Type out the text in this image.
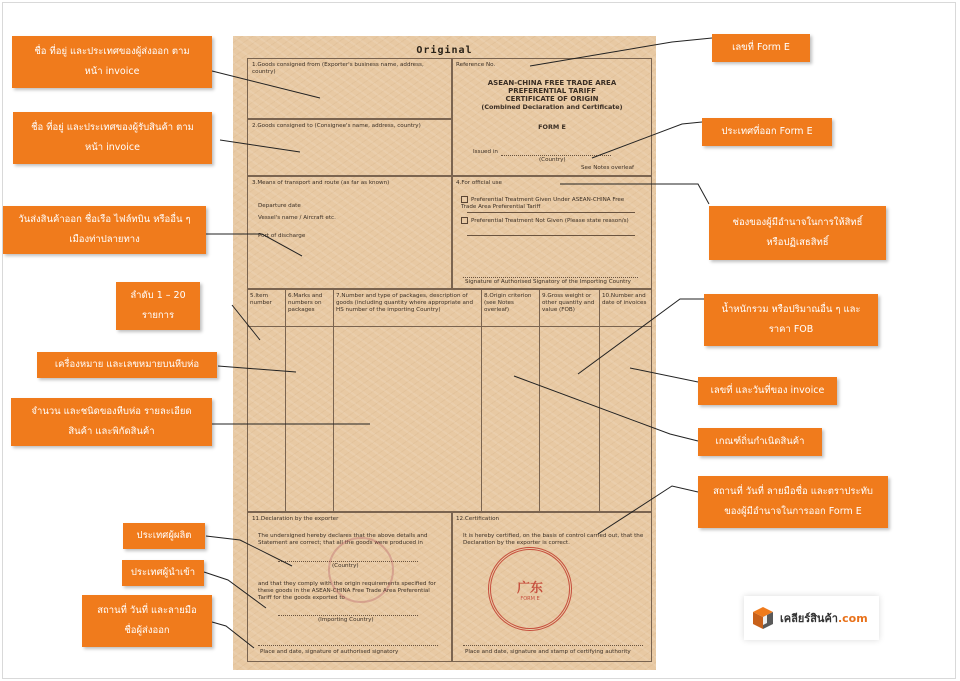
Original
1.Goods consigned from (Exporter's business name, address, country)
Reference No.
ASEAN-CHINA FREE TRADE AREA
PREFERENTIAL TARIFF
CERTIFICATE OF ORIGIN
(Combined Declaration and Certificate)
FORM E
Issued in
(Country)
See Notes overleaf
2.Goods consigned to (Consignee's name, address, country)
3.Means of transport and route (as far as known)
Departure date
Vessel's name / Aircraft etc.
Port of discharge
4.For official use
Preferential Treatment Given Under ASEAN-CHINA Free Trade Area Preferential Tariff
Preferential Treatment Not Given (Please state reason/s)
Signature of Authorised Signatory of the Importing Country
5.Item number
6.Marks and numbers on packages
7.Number and type of packages, description of goods (including quantity where appropriate and HS number of the importing Country)
8.Origin criterion (see Notes overleaf)
9.Gross weight or other quantity and value (FOB)
10.Number and date of invoices
11.Declaration by the exporter
The undersigned hereby declares that the above details and Statement are correct; that all the goods were produced in
(Country)
and that they comply with the origin requirements specified for these goods in the ASEAN-CHINA Free Trade Area Preferential Tariff for the goods exported to
(Importing Country)
Place and date, signature of authorised signatory
12.Certification
It is hereby certified, on the basis of control carried out, that the Declaration by the exporter is correct.
广东
FORM E
Place and date, signature and stamp of certifying authority
ชื่อ ที่อยู่ และประเทศของผู้ส่งออก ตาม
หน้า invoice
ชื่อ ที่อยู่ และประเทศของผู้รับสินค้า ตาม
หน้า invoice
วันส่งสินค้าออก ชื่อเรือ ไฟล์ทบิน หรืออื่น ๆ
เมืองท่าปลายทาง
ลำดับ 1 – 20
รายการ
เครื่องหมาย และเลขหมายบนหีบห่อ
จำนวน และชนิดของหีบห่อ รายละเอียด
สินค้า และพิกัดสินค้า
ประเทศผู้ผลิต
ประเทศผู้นำเข้า
สถานที่ วันที่ และลายมือ
ชื่อผู้ส่งออก
เลขที่ Form E
ประเทศที่ออก Form E
ช่องของผู้มีอำนาจในการให้สิทธิ์
หรือปฏิเสธสิทธิ์
น้ำหนักรวม หรือปริมาณอื่น ๆ และ
ราคา FOB
เลขที่ และวันที่ของ invoice
เกณฑ์ถิ่นกำเนิดสินค้า
สถานที่ วันที่ ลายมือชื่อ และตราประทับ
ของผู้มีอำนาจในการออก Form E
เคลียร์สินค้า.com
